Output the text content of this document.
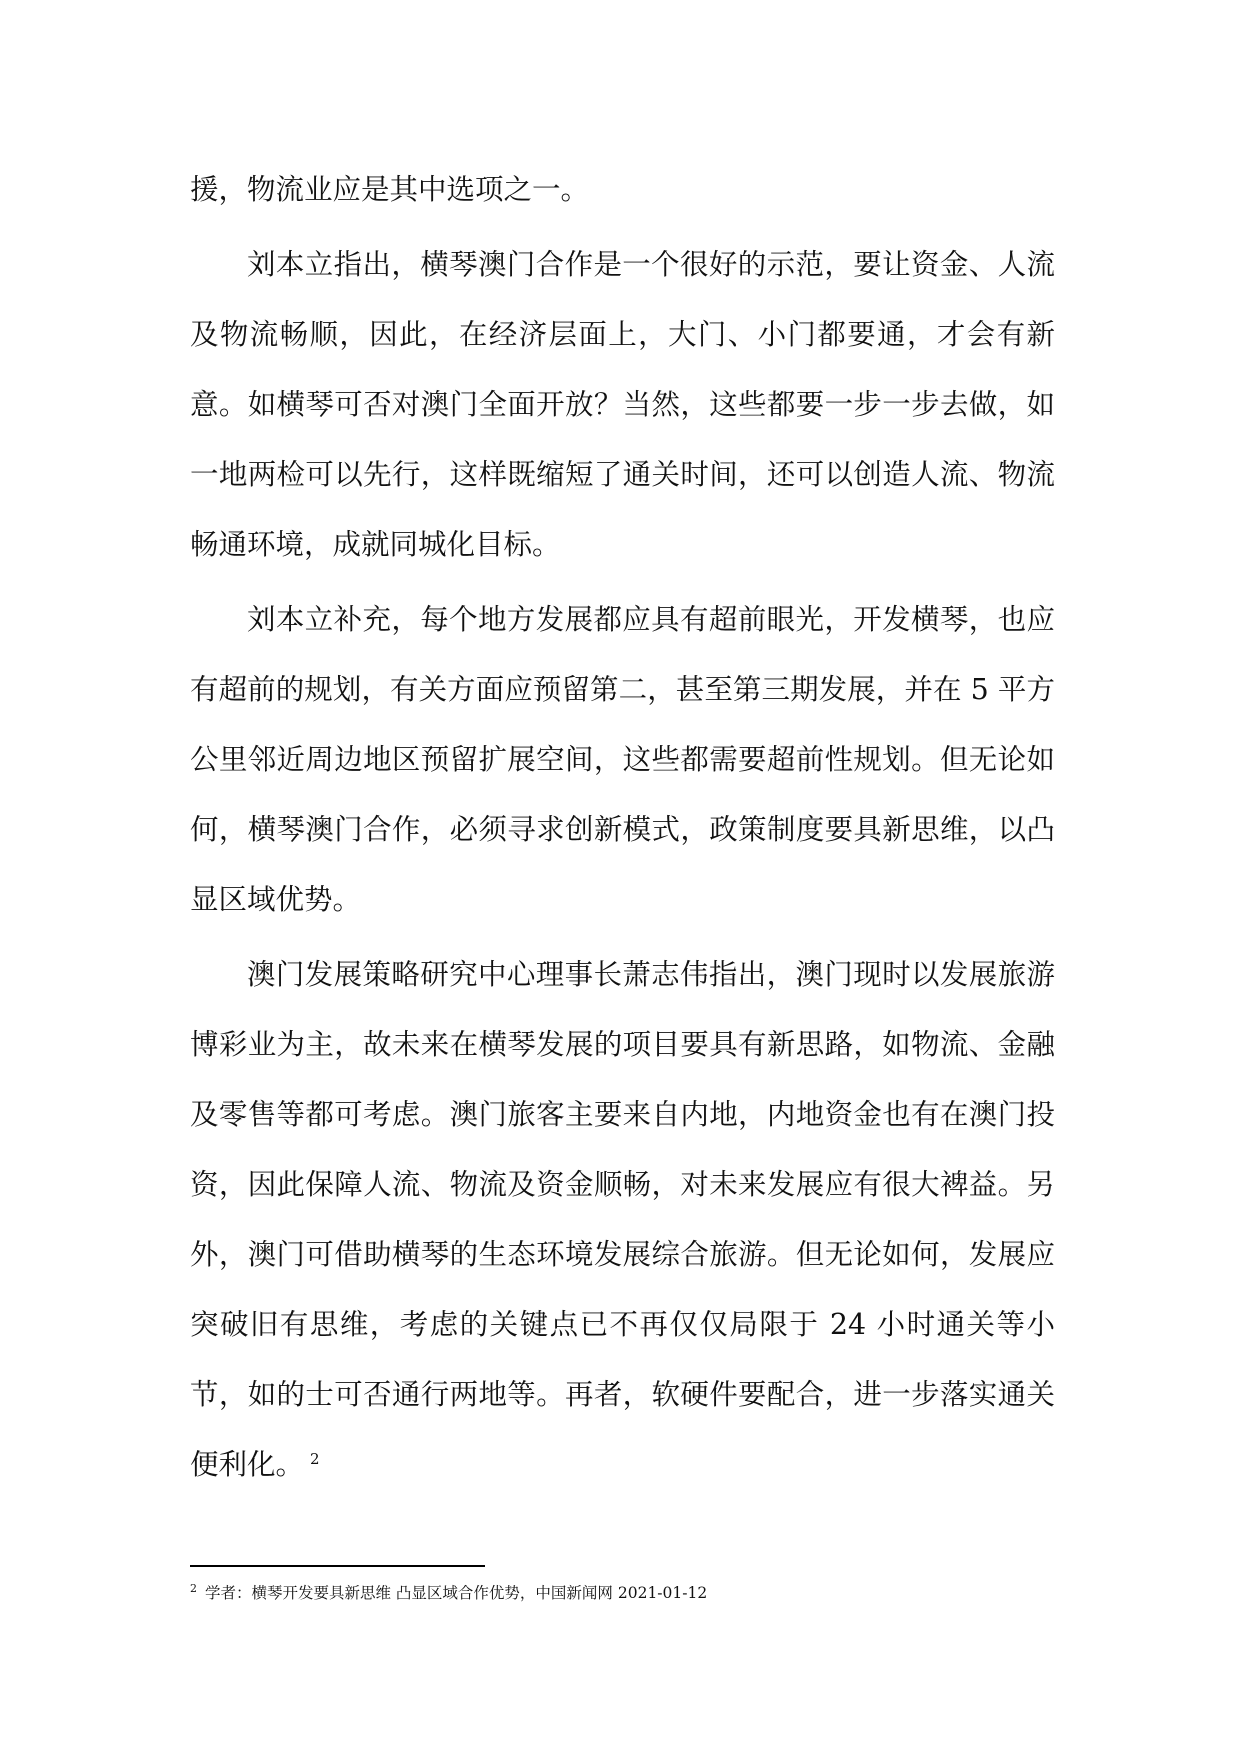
援，物流业应是其中选项之一。

刘本立指出，横琴澳门合作是一个很好的示范，要让资金、人流及物流畅顺，因此，在经济层面上，大门、小门都要通，才会有新意。如横琴可否对澳门全面开放？当然，这些都要一步一步去做，如一地两检可以先行，这样既缩短了通关时间，还可以创造人流、物流畅通环境，成就同城化目标。

刘本立补充，每个地方发展都应具有超前眼光，开发横琴，也应有超前的规划，有关方面应预留第二，甚至第三期发展，并在 5 平方公里邻近周边地区预留扩展空间，这些都需要超前性规划。但无论如何，横琴澳门合作，必须寻求创新模式，政策制度要具新思维，以凸显区域优势。

澳门发展策略研究中心理事长萧志伟指出，澳门现时以发展旅游博彩业为主，故未来在横琴发展的项目要具有新思路，如物流、金融及零售等都可考虑。澳门旅客主要来自内地，内地资金也有在澳门投资，因此保障人流、物流及资金顺畅，对未来发展应有很大裨益。另外，澳门可借助横琴的生态环境发展综合旅游。但无论如何，发展应突破旧有思维，考虑的关键点已不再仅仅局限于 24 小时通关等小节，如的士可否通行两地等。再者，软硬件要配合，进一步落实通关便利化。 $^2$

$^2$ 学者：横琴开发要具新思维 凸显区域合作优势，中国新闻网 2021-01-12
